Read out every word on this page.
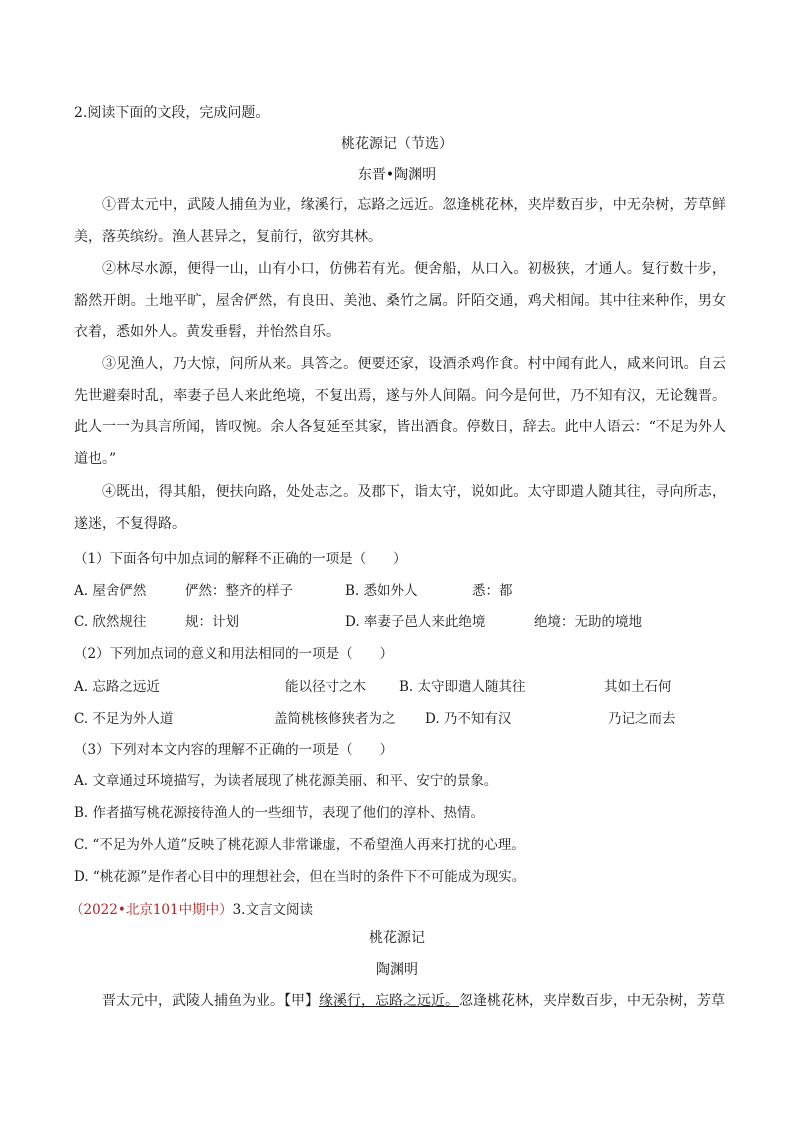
2.阅读下面的文段，完成问题。
桃花源记（节选）
东晋•陶渊明
①晋太元中，武陵人捕鱼为业，缘溪行，忘路之远近。忽逢桃花林，夹岸数百步，中无杂树，芳草鲜美，落英缤纷。渔人甚异之，复前行，欲穷其林。
②林尽水源，便得一山，山有小口，仿佛若有光。便舍船，从口入。初极狭，才通人。复行数十步，豁然开朗。土地平旷，屋舍俨然，有良田、美池、桑竹之属。阡陌交通，鸡犬相闻。其中往来种作，男女衣着，悉如外人。黄发垂髫，并怡然自乐。
③见渔人，乃大惊，问所从来。具答之。便要还家，设酒杀鸡作食。村中闻有此人，咸来问讯。自云先世避秦时乱，率妻子邑人来此绝境，不复出焉，遂与外人间隔。问今是何世，乃不知有汉，无论魏晋。此人一一为具言所闻，皆叹惋。余人各复延至其家，皆出酒食。停数日，辞去。此中人语云：“不足为外人道也。”
④既出，得其船，便扶向路，处处志之。及郡下，诣太守，说如此。太守即遣人随其往，寻向所志，遂迷，不复得路。
（1）下面各句中加点词的解释不正确的一项是（　　）
A. 屋舍俨然	俨然：整齐的样子	B. 悉如外人	悉：都
C. 欣然规往	规：计划	D. 率妻子邑人来此绝境	绝境：无助的境地
（2）下列加点词的意义和用法相同的一项是（　　）
A. 忘路之远近	能以径寸之木 B. 太守即遣人随其往	其如土石何
C. 不足为外人道	盖简桃核修狭者为之 D. 乃不知有汉	乃记之而去
（3）下列对本文内容的理解不正确的一项是（　　）
A. 文章通过环境描写，为读者展现了桃花源美丽、和平、安宁的景象。
B. 作者描写桃花源接待渔人的一些细节，表现了他们的淳朴、热情。
C. “不足为外人道”反映了桃花源人非常谦虚，不希望渔人再来打扰的心理。
D. “桃花源”是作者心目中的理想社会，但在当时的条件下不可能成为现实。
（2022•北京101中期中）3.文言文阅读
桃花源记
陶渊明
晋太元中，武陵人捕鱼为业。【甲】缘溪行，忘路之远近。忽逢桃花林，夹岸数百步，中无杂树，芳草
